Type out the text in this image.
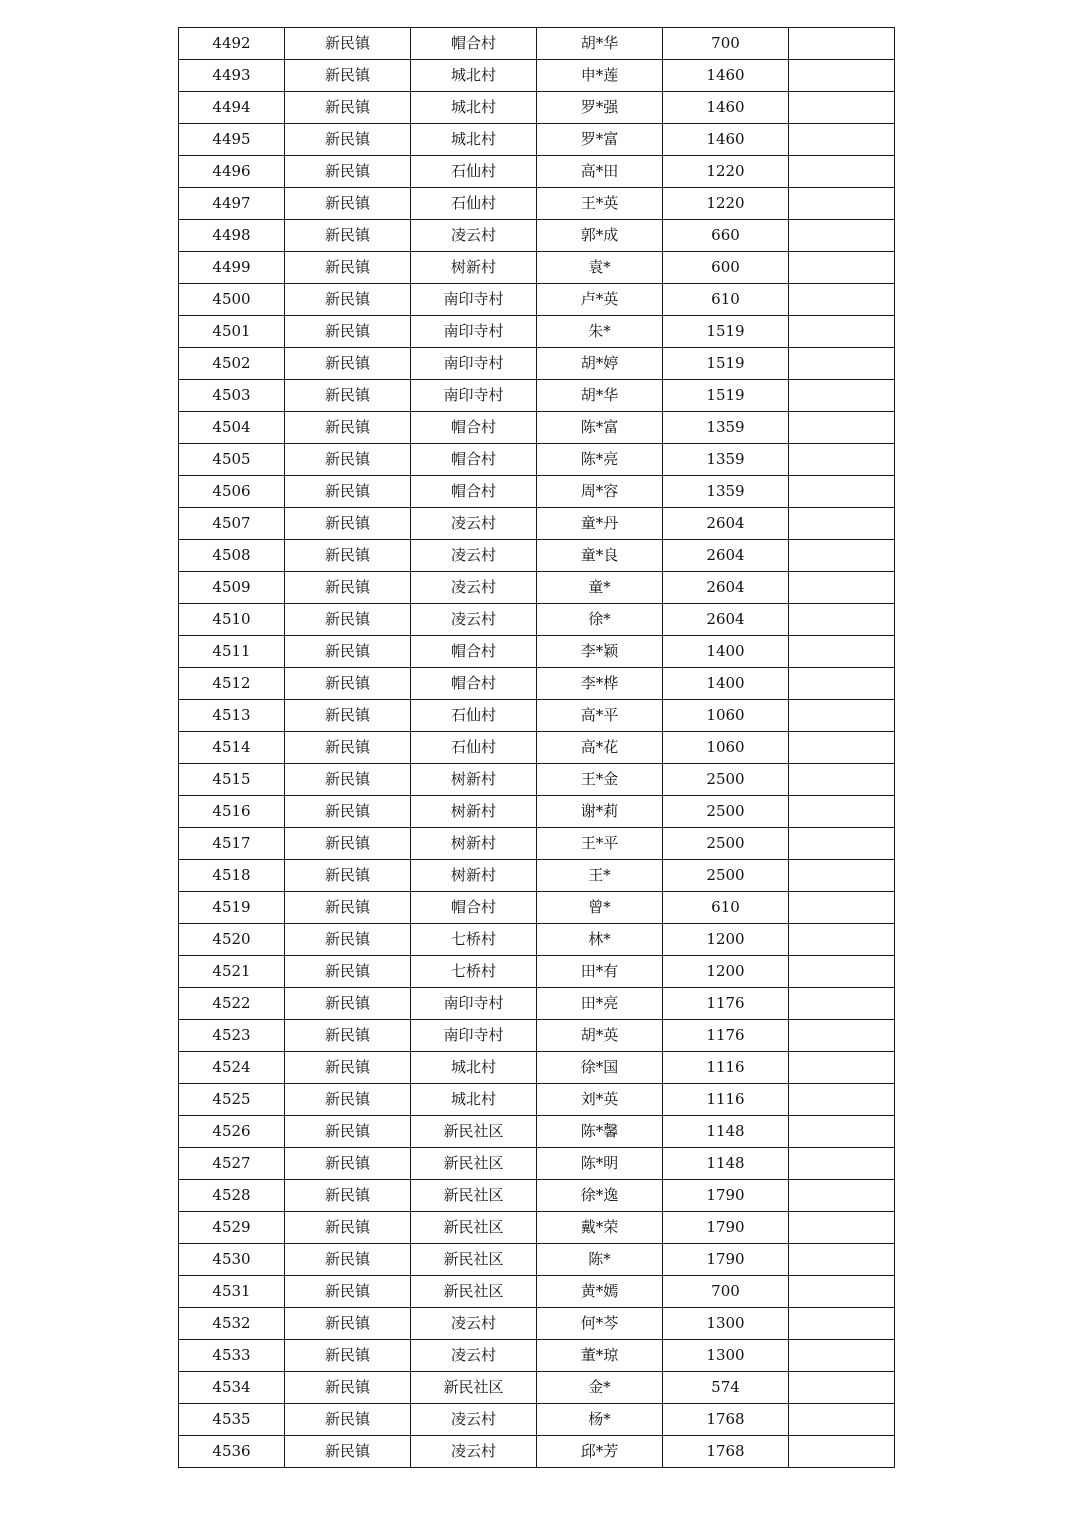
4492	新民镇	帽合村	胡*华	700	
4493	新民镇	城北村	申*莲	1460	
4494	新民镇	城北村	罗*强	1460	
4495	新民镇	城北村	罗*富	1460	
4496	新民镇	石仙村	高*田	1220	
4497	新民镇	石仙村	王*英	1220	
4498	新民镇	凌云村	郭*成	660	
4499	新民镇	树新村	袁*	600	
4500	新民镇	南印寺村	卢*英	610	
4501	新民镇	南印寺村	朱*	1519	
4502	新民镇	南印寺村	胡*婷	1519	
4503	新民镇	南印寺村	胡*华	1519	
4504	新民镇	帽合村	陈*富	1359	
4505	新民镇	帽合村	陈*亮	1359	
4506	新民镇	帽合村	周*容	1359	
4507	新民镇	凌云村	童*丹	2604	
4508	新民镇	凌云村	童*良	2604	
4509	新民镇	凌云村	童*	2604	
4510	新民镇	凌云村	徐*	2604	
4511	新民镇	帽合村	李*颖	1400	
4512	新民镇	帽合村	李*桦	1400	
4513	新民镇	石仙村	高*平	1060	
4514	新民镇	石仙村	高*花	1060	
4515	新民镇	树新村	王*金	2500	
4516	新民镇	树新村	谢*莉	2500	
4517	新民镇	树新村	王*平	2500	
4518	新民镇	树新村	王*	2500	
4519	新民镇	帽合村	曾*	610	
4520	新民镇	七桥村	林*	1200	
4521	新民镇	七桥村	田*有	1200	
4522	新民镇	南印寺村	田*亮	1176	
4523	新民镇	南印寺村	胡*英	1176	
4524	新民镇	城北村	徐*国	1116	
4525	新民镇	城北村	刘*英	1116	
4526	新民镇	新民社区	陈*馨	1148	
4527	新民镇	新民社区	陈*明	1148	
4528	新民镇	新民社区	徐*逸	1790	
4529	新民镇	新民社区	戴*荣	1790	
4530	新民镇	新民社区	陈*	1790	
4531	新民镇	新民社区	黄*嫣	700	
4532	新民镇	凌云村	何*芩	1300	
4533	新民镇	凌云村	董*琼	1300	
4534	新民镇	新民社区	金*	574	
4535	新民镇	凌云村	杨*	1768	
4536	新民镇	凌云村	邱*芳	1768	
